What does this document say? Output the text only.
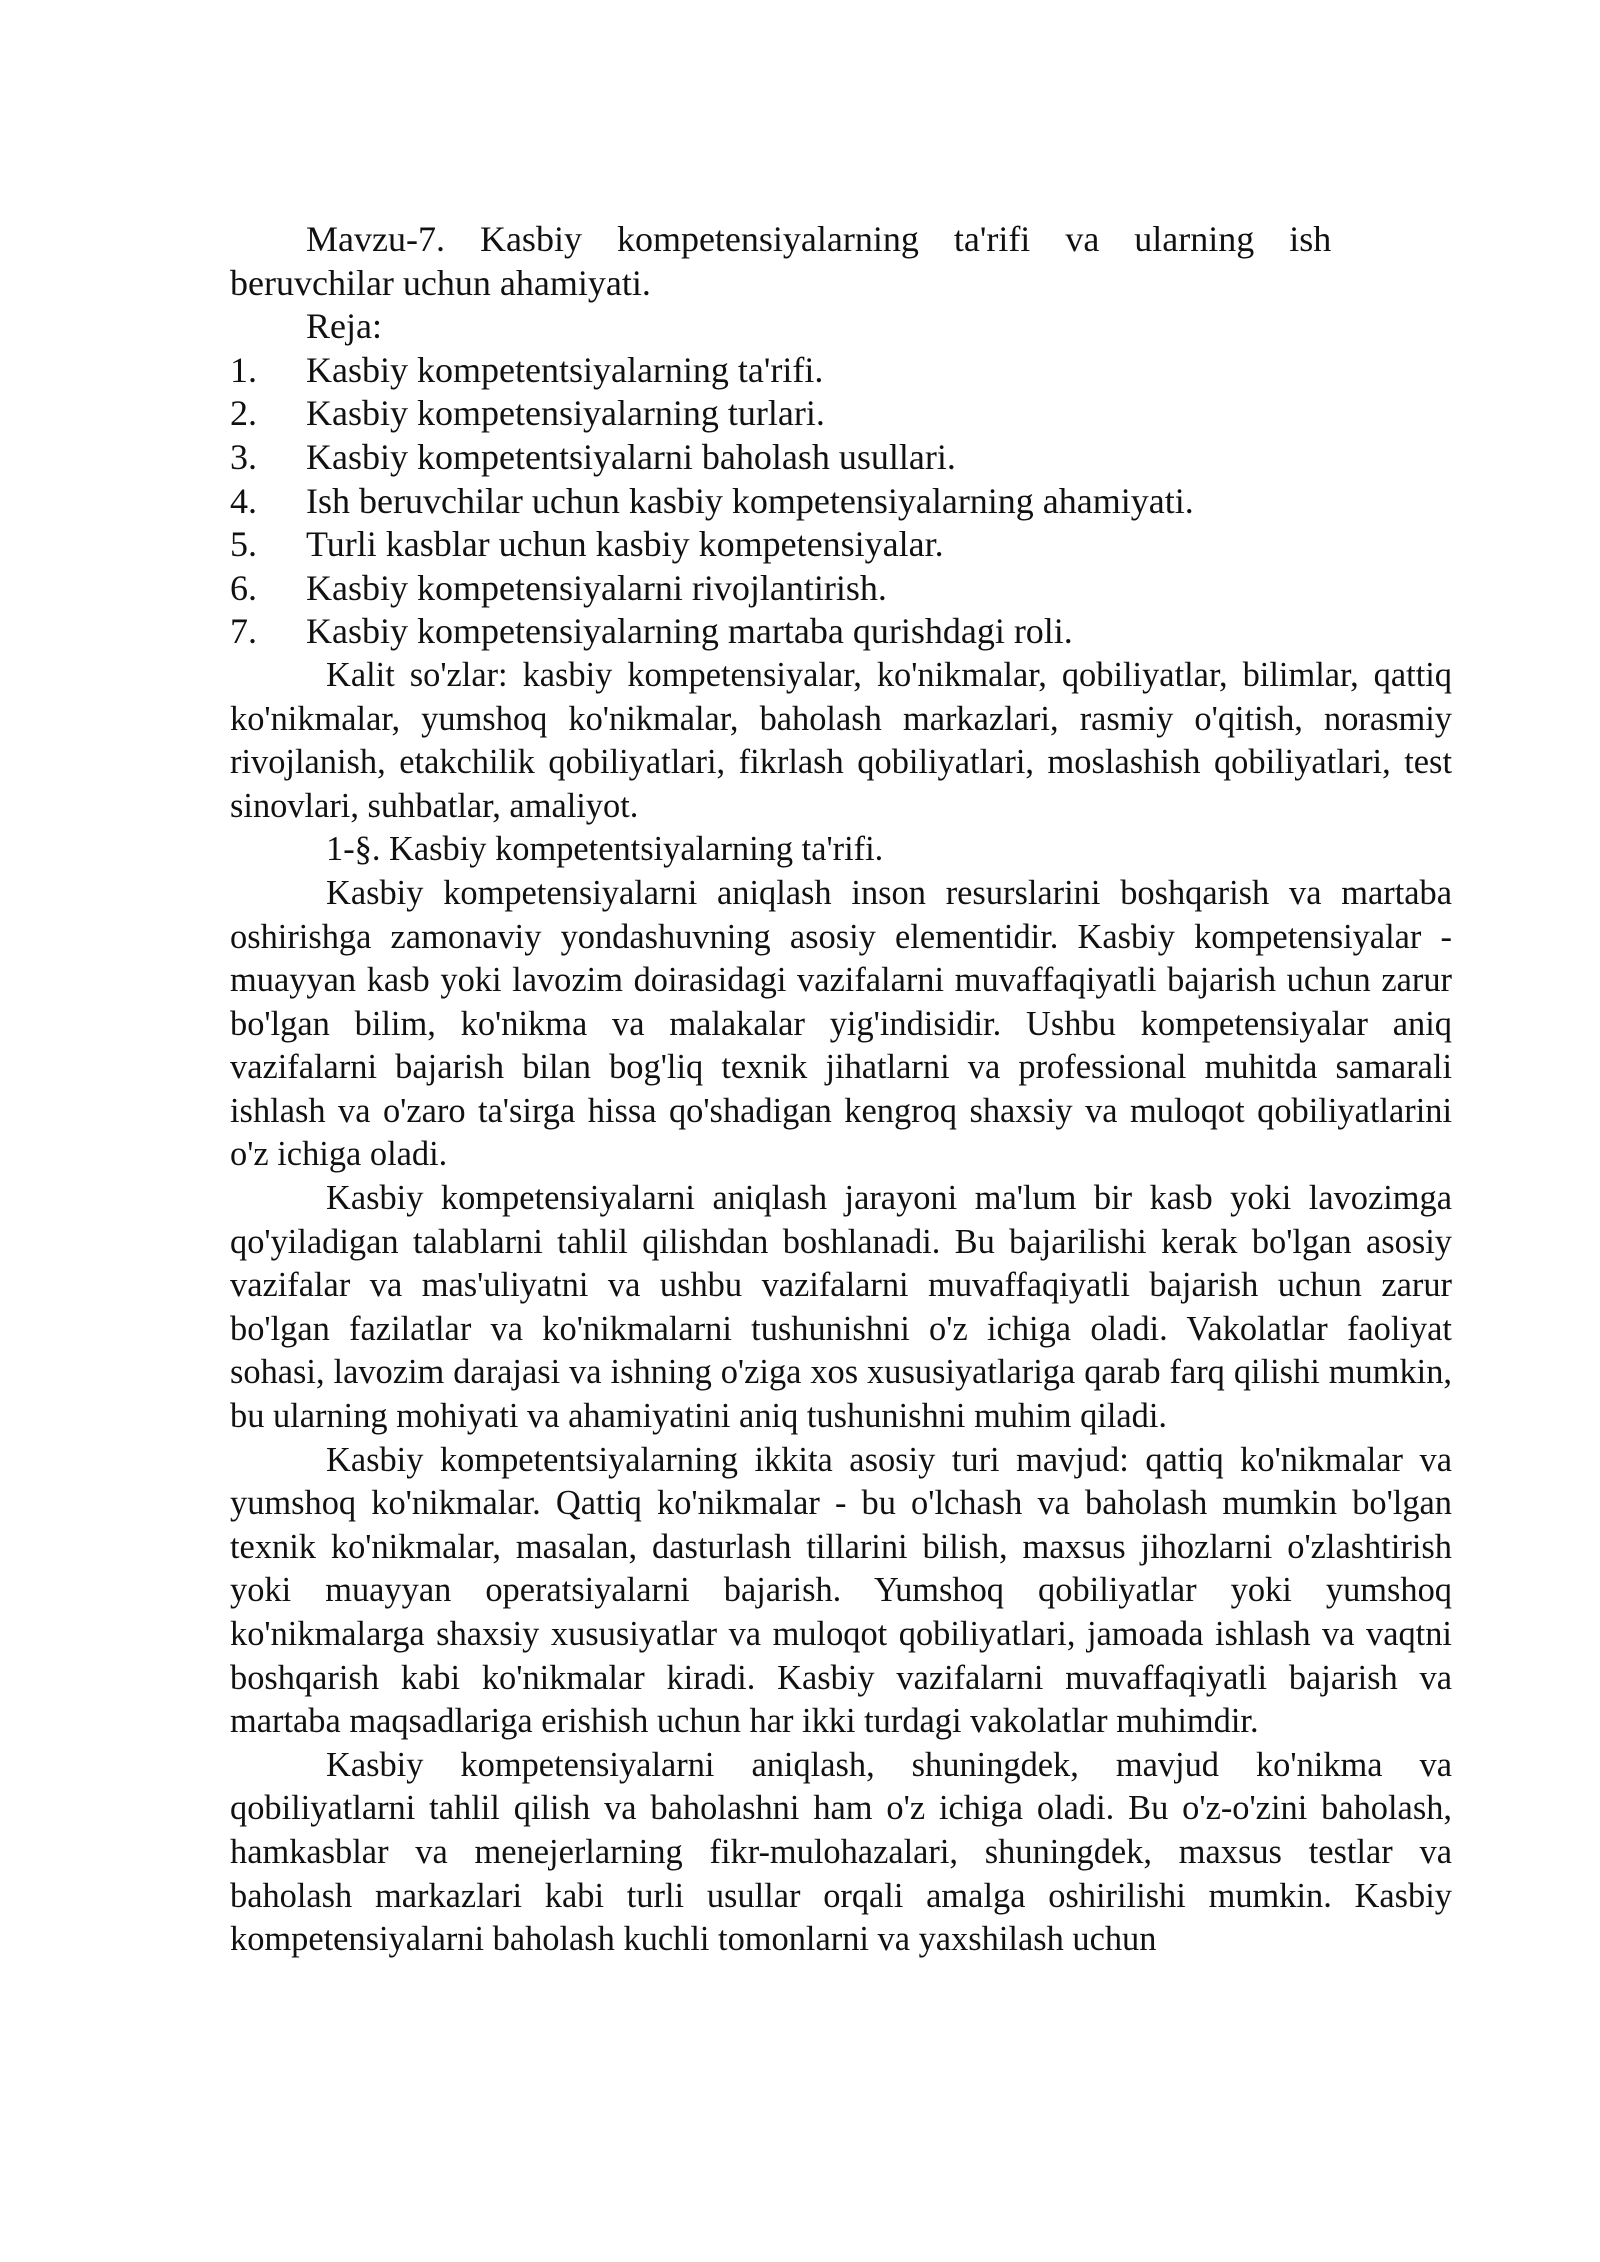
Mavzu-7. Kasbiy kompetensiyalarning ta'rifi va ularning ish

beruvchilar uchun ahamiyati.

Reja:

1.	Kasbiy kompetentsiyalarning ta'rifi.
2.	Kasbiy kompetensiyalarning turlari.
3.	Kasbiy kompetentsiyalarni baholash usullari.
4.	Ish beruvchilar uchun kasbiy kompetensiyalarning ahamiyati.
5.	Turli kasblar uchun kasbiy kompetensiyalar.
6.	Kasbiy kompetensiyalarni rivojlantirish.
7.	Kasbiy kompetensiyalarning martaba qurishdagi roli.

Kalit so'zlar: kasbiy kompetensiyalar, ko'nikmalar, qobiliyatlar, bilimlar, qattiq ko'nikmalar, yumshoq ko'nikmalar, baholash markazlari, rasmiy o'qitish, norasmiy rivojlanish, etakchilik qobiliyatlari, fikrlash qobiliyatlari, moslashish qobiliyatlari, test sinovlari, suhbatlar, amaliyot.

1-§. Kasbiy kompetentsiyalarning ta'rifi.

Kasbiy kompetensiyalarni aniqlash inson resurslarini boshqarish va martaba oshirishga zamonaviy yondashuvning asosiy elementidir. Kasbiy kompetensiyalar - muayyan kasb yoki lavozim doirasidagi vazifalarni muvaffaqiyatli bajarish uchun zarur bo'lgan bilim, ko'nikma va malakalar yig'indisidir. Ushbu kompetensiyalar aniq vazifalarni bajarish bilan bog'liq texnik jihatlarni va professional muhitda samarali ishlash va o'zaro ta'sirga hissa qo'shadigan kengroq shaxsiy va muloqot qobiliyatlarini o'z ichiga oladi.

Kasbiy kompetensiyalarni aniqlash jarayoni ma'lum bir kasb yoki lavozimga qo'yiladigan talablarni tahlil qilishdan boshlanadi. Bu bajarilishi kerak bo'lgan asosiy vazifalar va mas'uliyatni va ushbu vazifalarni muvaffaqiyatli bajarish uchun zarur bo'lgan fazilatlar va ko'nikmalarni tushunishni o'z ichiga oladi. Vakolatlar faoliyat sohasi, lavozim darajasi va ishning o'ziga xos xususiyatlariga qarab farq qilishi mumkin, bu ularning mohiyati va ahamiyatini aniq tushunishni muhim qiladi.

Kasbiy kompetentsiyalarning ikkita asosiy turi mavjud: qattiq ko'nikmalar va yumshoq ko'nikmalar. Qattiq ko'nikmalar - bu o'lchash va baholash mumkin bo'lgan texnik ko'nikmalar, masalan, dasturlash tillarini bilish, maxsus jihozlarni o'zlashtirish yoki muayyan operatsiyalarni bajarish. Yumshoq qobiliyatlar yoki yumshoq ko'nikmalarga shaxsiy xususiyatlar va muloqot qobiliyatlari, jamoada ishlash va vaqtni boshqarish kabi ko'nikmalar kiradi. Kasbiy vazifalarni muvaffaqiyatli bajarish va martaba maqsadlariga erishish uchun har ikki turdagi vakolatlar muhimdir.

Kasbiy kompetensiyalarni aniqlash, shuningdek, mavjud ko'nikma va qobiliyatlarni tahlil qilish va baholashni ham o'z ichiga oladi. Bu o'z-o'zini baholash, hamkasblar va menejerlarning fikr-mulohazalari, shuningdek, maxsus testlar va baholash markazlari kabi turli usullar orqali amalga oshirilishi mumkin. Kasbiy kompetensiyalarni baholash kuchli tomonlarni va yaxshilash uchun
